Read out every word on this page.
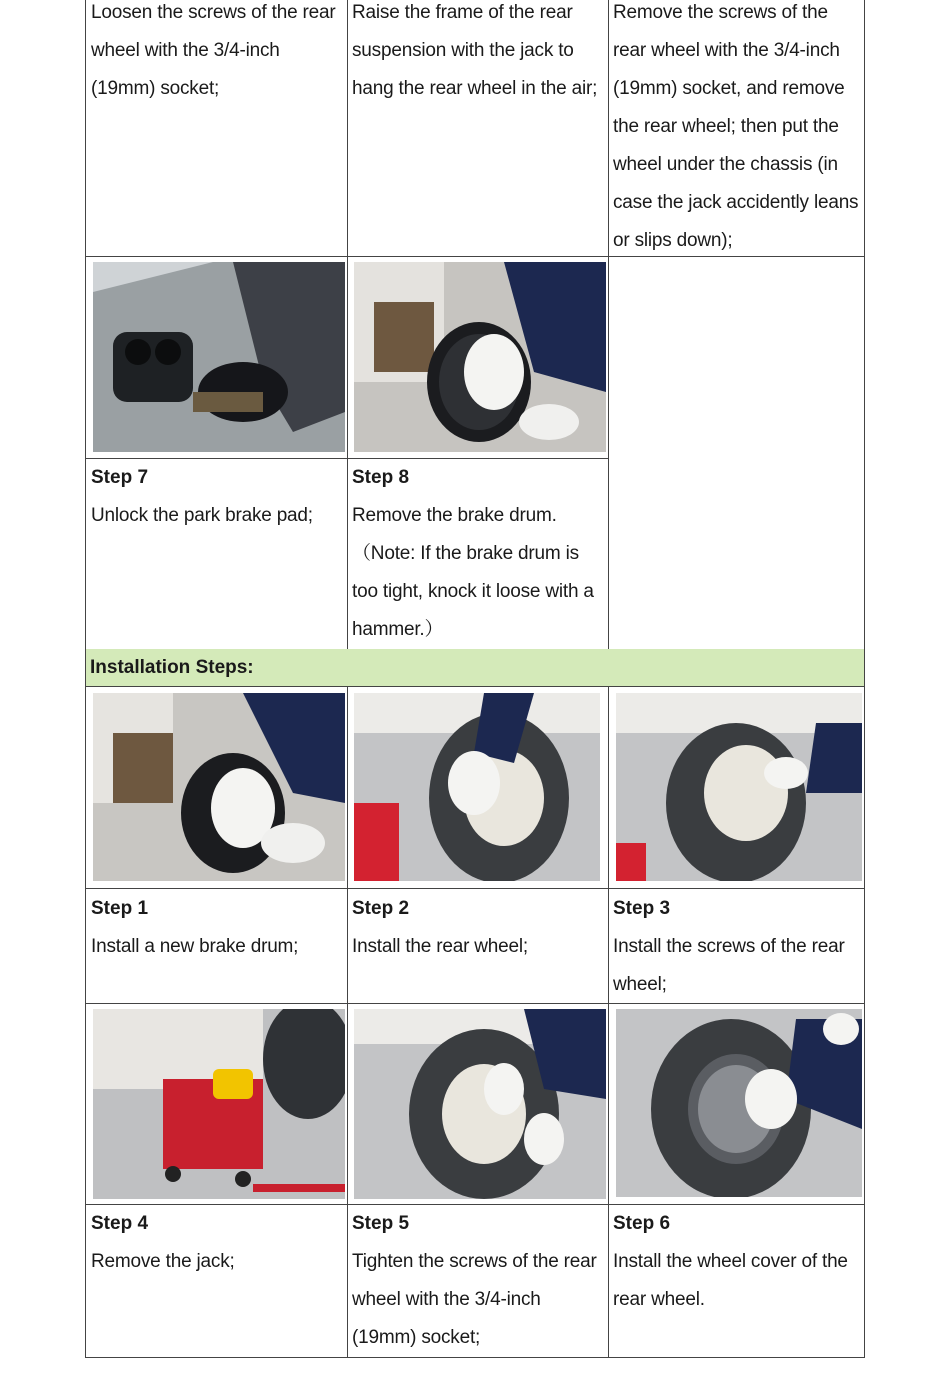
Loosen the screws of the rear wheel with the 3/4-inch (19mm) socket;
Raise the frame of the rear suspension with the jack to hang the rear wheel in the air;
Remove the screws of the rear wheel with the 3/4-inch (19mm) socket, and remove the rear wheel; then put the wheel under the chassis (in case the jack accidently leans or slips down);
Step 7
Unlock the park brake pad;
Step 8
Remove the brake drum. （Note: If the brake drum is too tight, knock it loose with a hammer.）
Installation Steps:
Step 1
Install a new brake drum;
Step 2
Install the rear wheel;
Step 3
Install the screws of the rear wheel;
Step 4
Remove the jack;
Step 5
Tighten the screws of the rear wheel with the 3/4-inch (19mm) socket;
Step 6
Install the wheel cover of the rear wheel.
